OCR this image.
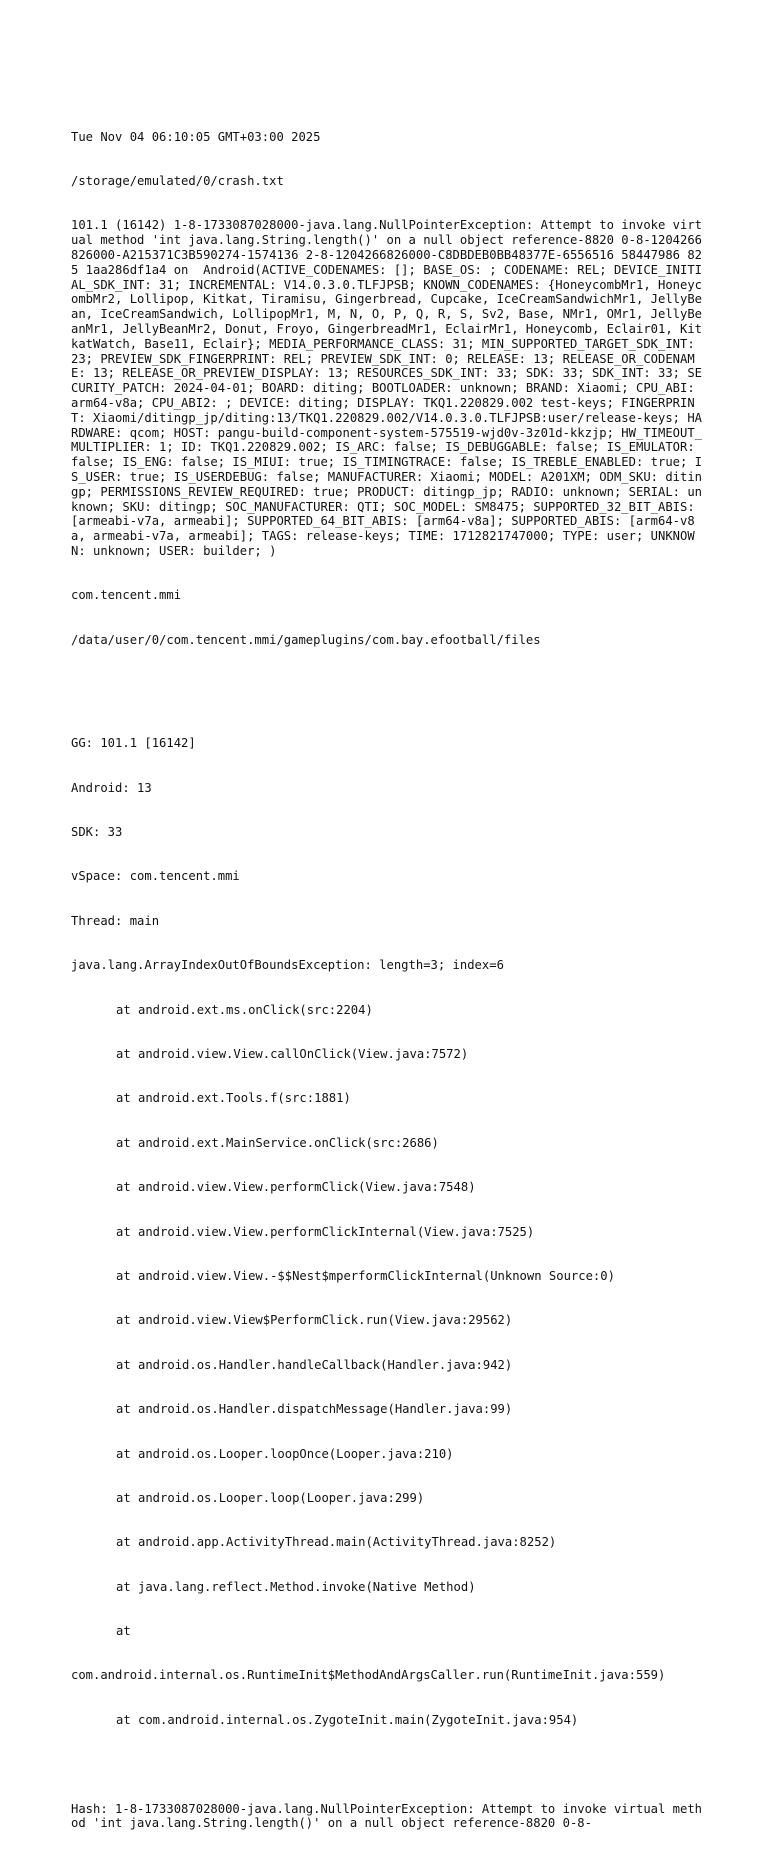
Tue Nov 04 06:10:05 GMT+03:00 2025

/storage/emulated/0/crash.txt

101.1 (16142) 1-8-1733087028000-java.lang.NullPointerException: Attempt to invoke virtual method 'int java.lang.String.length()' on a null object reference-8820 0-8-1204266826000-A215371C3B590274-1574136 2-8-1204266826000-C8DBDEB0BB48377E-6556516 58447986 825 1aa286df1a4 on  Android(ACTIVE_CODENAMES: []; BASE_OS: ; CODENAME: REL; DEVICE_INITIAL_SDK_INT: 31; INCREMENTAL: V14.0.3.0.TLFJPSB; KNOWN_CODENAMES: {HoneycombMr1, HoneycombMr2, Lollipop, Kitkat, Tiramisu, Gingerbread, Cupcake, IceCreamSandwichMr1, JellyBean, IceCreamSandwich, LollipopMr1, M, N, O, P, Q, R, S, Sv2, Base, NMr1, OMr1, JellyBeanMr1, JellyBeanMr2, Donut, Froyo, GingerbreadMr1, EclairMr1, Honeycomb, Eclair01, KitkatWatch, Base11, Eclair}; MEDIA_PERFORMANCE_CLASS: 31; MIN_SUPPORTED_TARGET_SDK_INT: 23; PREVIEW_SDK_FINGERPRINT: REL; PREVIEW_SDK_INT: 0; RELEASE: 13; RELEASE_OR_CODENAME: 13; RELEASE_OR_PREVIEW_DISPLAY: 13; RESOURCES_SDK_INT: 33; SDK: 33; SDK_INT: 33; SECURITY_PATCH: 2024-04-01; BOARD: diting; BOOTLOADER: unknown; BRAND: Xiaomi; CPU_ABI: arm64-v8a; CPU_ABI2: ; DEVICE: diting; DISPLAY: TKQ1.220829.002 test-keys; FINGERPRINT: Xiaomi/ditingp_jp/diting:13/TKQ1.220829.002/V14.0.3.0.TLFJPSB:user/release-keys; HARDWARE: qcom; HOST: pangu-build-component-system-575519-wjd0v-3z01d-kkzjp; HW_TIMEOUT_MULTIPLIER: 1; ID: TKQ1.220829.002; IS_ARC: false; IS_DEBUGGABLE: false; IS_EMULATOR: false; IS_ENG: false; IS_MIUI: true; IS_TIMINGTRACE: false; IS_TREBLE_ENABLED: true; IS_USER: true; IS_USERDEBUG: false; MANUFACTURER: Xiaomi; MODEL: A201XM; ODM_SKU: ditingp; PERMISSIONS_REVIEW_REQUIRED: true; PRODUCT: ditingp_jp; RADIO: unknown; SERIAL: unknown; SKU: ditingp; SOC_MANUFACTURER: QTI; SOC_MODEL: SM8475; SUPPORTED_32_BIT_ABIS: [armeabi-v7a, armeabi]; SUPPORTED_64_BIT_ABIS: [arm64-v8a]; SUPPORTED_ABIS: [arm64-v8a, armeabi-v7a, armeabi]; TAGS: release-keys; TIME: 1712821747000; TYPE: user; UNKNOWN: unknown; USER: builder; )

com.tencent.mmi

/data/user/0/com.tencent.mmi/gameplugins/com.bay.efootball/files

GG: 101.1 [16142]

Android: 13

SDK: 33

vSpace: com.tencent.mmi

Thread: main

java.lang.ArrayIndexOutOfBoundsException: length=3; index=6

at android.ext.ms.onClick(src:2204)

at android.view.View.callOnClick(View.java:7572)

at android.ext.Tools.f(src:1881)

at android.ext.MainService.onClick(src:2686)

at android.view.View.performClick(View.java:7548)

at android.view.View.performClickInternal(View.java:7525)

at android.view.View.-$$Nest$mperformClickInternal(Unknown Source:0)

at android.view.View$PerformClick.run(View.java:29562)

at android.os.Handler.handleCallback(Handler.java:942)

at android.os.Handler.dispatchMessage(Handler.java:99)

at android.os.Looper.loopOnce(Looper.java:210)

at android.os.Looper.loop(Looper.java:299)

at android.app.ActivityThread.main(ActivityThread.java:8252)

at java.lang.reflect.Method.invoke(Native Method)

at

com.android.internal.os.RuntimeInit$MethodAndArgsCaller.run(RuntimeInit.java:559)

at com.android.internal.os.ZygoteInit.main(ZygoteInit.java:954)

Hash: 1-8-1733087028000-java.lang.NullPointerException: Attempt to invoke virtual method 'int java.lang.String.length()' on a null object reference-8820 0-8-
